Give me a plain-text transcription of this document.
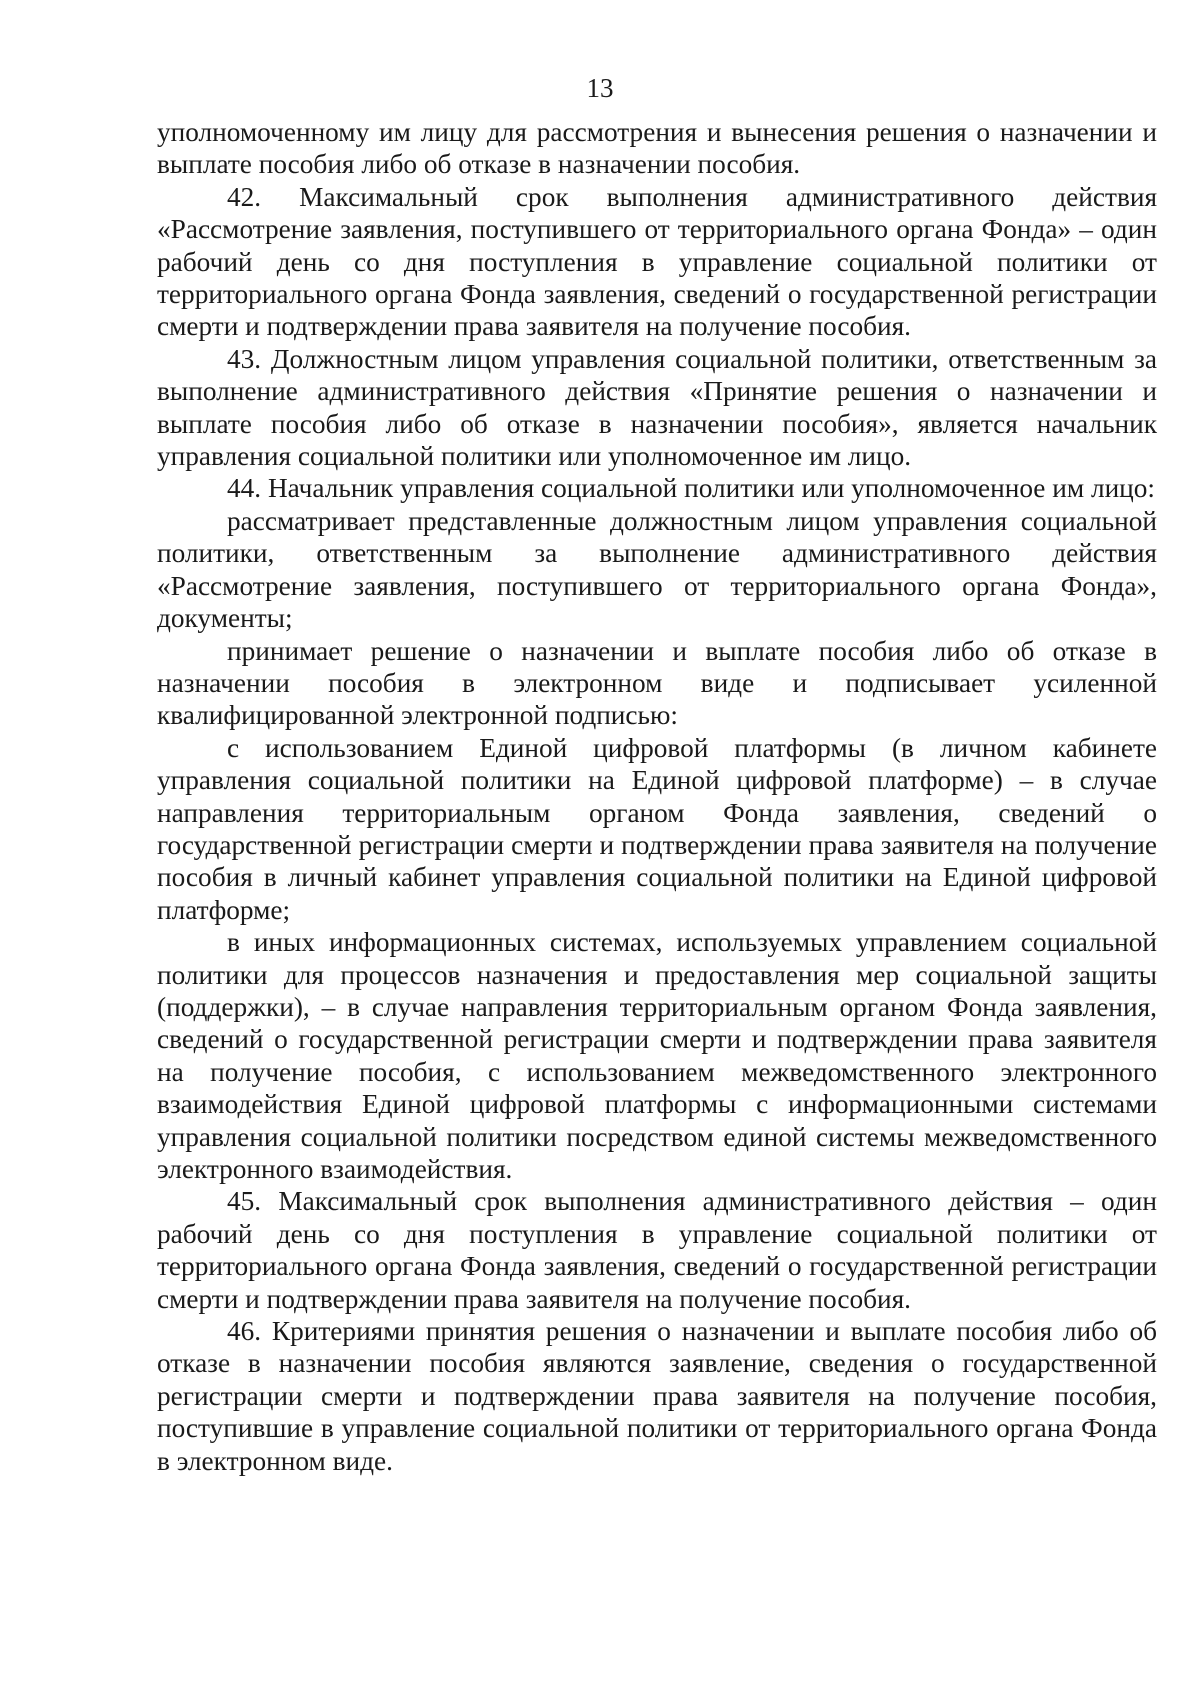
13

уполномоченному им лицу для рассмотрения и вынесения решения о назначении и выплате пособия либо об отказе в назначении пособия.

42. Максимальный срок выполнения административного действия «Рассмотрение заявления, поступившего от территориального органа Фонда» – один рабочий день со дня поступления в управление социальной политики от территориального органа Фонда заявления, сведений о государственной регистрации смерти и подтверждении права заявителя на получение пособия.

43. Должностным лицом управления социальной политики, ответственным за выполнение административного действия «Принятие решения о назначении и выплате пособия либо об отказе в назначении пособия», является начальник управления социальной политики или уполномоченное им лицо.

44. Начальник управления социальной политики или уполномоченное им лицо:

рассматривает представленные должностным лицом управления социальной политики, ответственным за выполнение административного действия «Рассмотрение заявления, поступившего от территориального органа Фонда», документы;

принимает решение о назначении и выплате пособия либо об отказе в назначении пособия в электронном виде и подписывает усиленной квалифицированной электронной подписью:

с использованием Единой цифровой платформы (в личном кабинете управления социальной политики на Единой цифровой платформе) – в случае направления территориальным органом Фонда заявления, сведений о государственной регистрации смерти и подтверждении права заявителя на получение пособия в личный кабинет управления социальной политики на Единой цифровой платформе;

в иных информационных системах, используемых управлением социальной политики для процессов назначения и предоставления мер социальной защиты (поддержки), – в случае направления территориальным органом Фонда заявления, сведений о государственной регистрации смерти и подтверждении права заявителя на получение пособия, с использованием межведомственного электронного взаимодействия Единой цифровой платформы с информационными системами управления социальной политики посредством единой системы межведомственного электронного взаимодействия.

45. Максимальный срок выполнения административного действия – один рабочий день со дня поступления в управление социальной политики от территориального органа Фонда заявления, сведений о государственной регистрации смерти и подтверждении права заявителя на получение пособия.

46. Критериями принятия решения о назначении и выплате пособия либо об отказе в назначении пособия являются заявление, сведения о государственной регистрации смерти и подтверждении права заявителя на получение пособия, поступившие в управление социальной политики от территориального органа Фонда в электронном виде.
